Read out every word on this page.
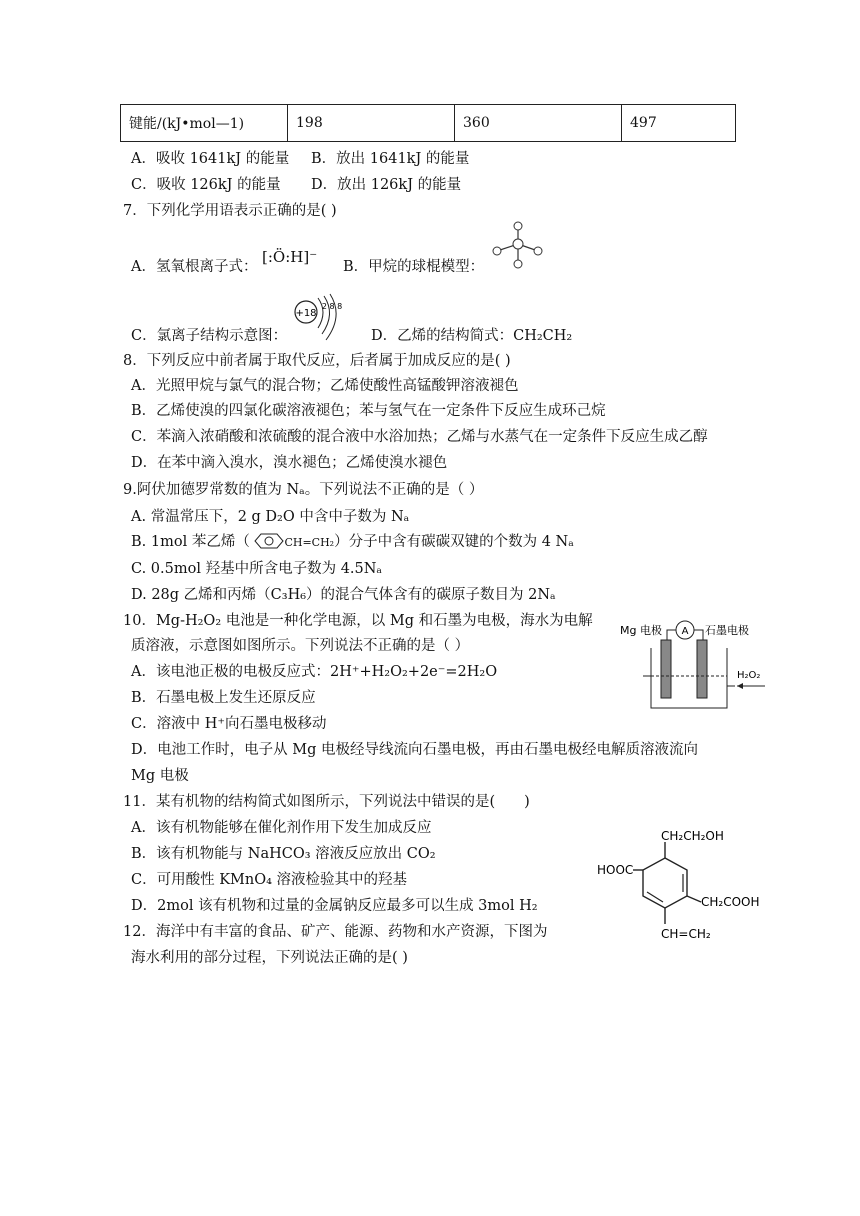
键能/(kJ•mol—1)	198	360	497
A．吸收 1641kJ 的能量 B．放出 1641kJ 的能量
C．吸收 126kJ 的能量 D．放出 126kJ 的能量
7．下列化学用语表示正确的是( )
A．氢氧根离子式：
[:Ö:H]⁻
B．甲烷的球棍模型：
C．氯离子结构示意图：
+18
2 8 8
D．乙烯的结构简式：CH₂CH₂
8．下列反应中前者属于取代反应，后者属于加成反应的是( )
A．光照甲烷与氯气的混合物；乙烯使酸性高锰酸钾溶液褪色
B．乙烯使溴的四氯化碳溶液褪色；苯与氢气在一定条件下反应生成环己烷
C．苯滴入浓硝酸和浓硫酸的混合液中水浴加热；乙烯与水蒸气在一定条件下反应生成乙醇
D．在苯中滴入溴水，溴水褪色；乙烯使溴水褪色
9.阿伏加德罗常数的值为 Nₐ。下列说法不正确的是（ ）
A. 常温常压下，2 g D₂O 中含中子数为 Nₐ
B. 1mol 苯乙烯（	CH=CH₂）分子中含有碳碳双键的个数为 4 Nₐ
C. 0.5mol 羟基中所含电子数为 4.5Nₐ
D. 28g 乙烯和丙烯（C₃H₆）的混合气体含有的碳原子数目为 2Nₐ
10．Mg-H₂O₂ 电池是一种化学电源，以 Mg 和石墨为电极，海水为电解
质溶液，示意图如图所示。下列说法不正确的是（ ）
A．该电池正极的电极反应式：2H⁺+H₂O₂+2e⁻=2H₂O
B．石墨电极上发生还原反应
C．溶液中 H⁺向石墨电极移动
D．电池工作时，电子从 Mg 电极经导线流向石墨电极，再由石墨电极经电解质溶液流向
Mg 电极
Mg 电极 A 石墨电极
H₂O₂
11．某有机物的结构简式如图所示，下列说法中错误的是(　　)
A．该有机物能够在催化剂作用下发生加成反应
B．该有机物能与 NaHCO₃ 溶液反应放出 CO₂
C．可用酸性 KMnO₄ 溶液检验其中的羟基
D．2mol 该有机物和过量的金属钠反应最多可以生成 3mol H₂
CH₂CH₂OH
HOOC
CH₂COOH
CH=CH₂
12．海洋中有丰富的食品、矿产、能源、药物和水产资源，下图为
海水利用的部分过程，下列说法正确的是( )
